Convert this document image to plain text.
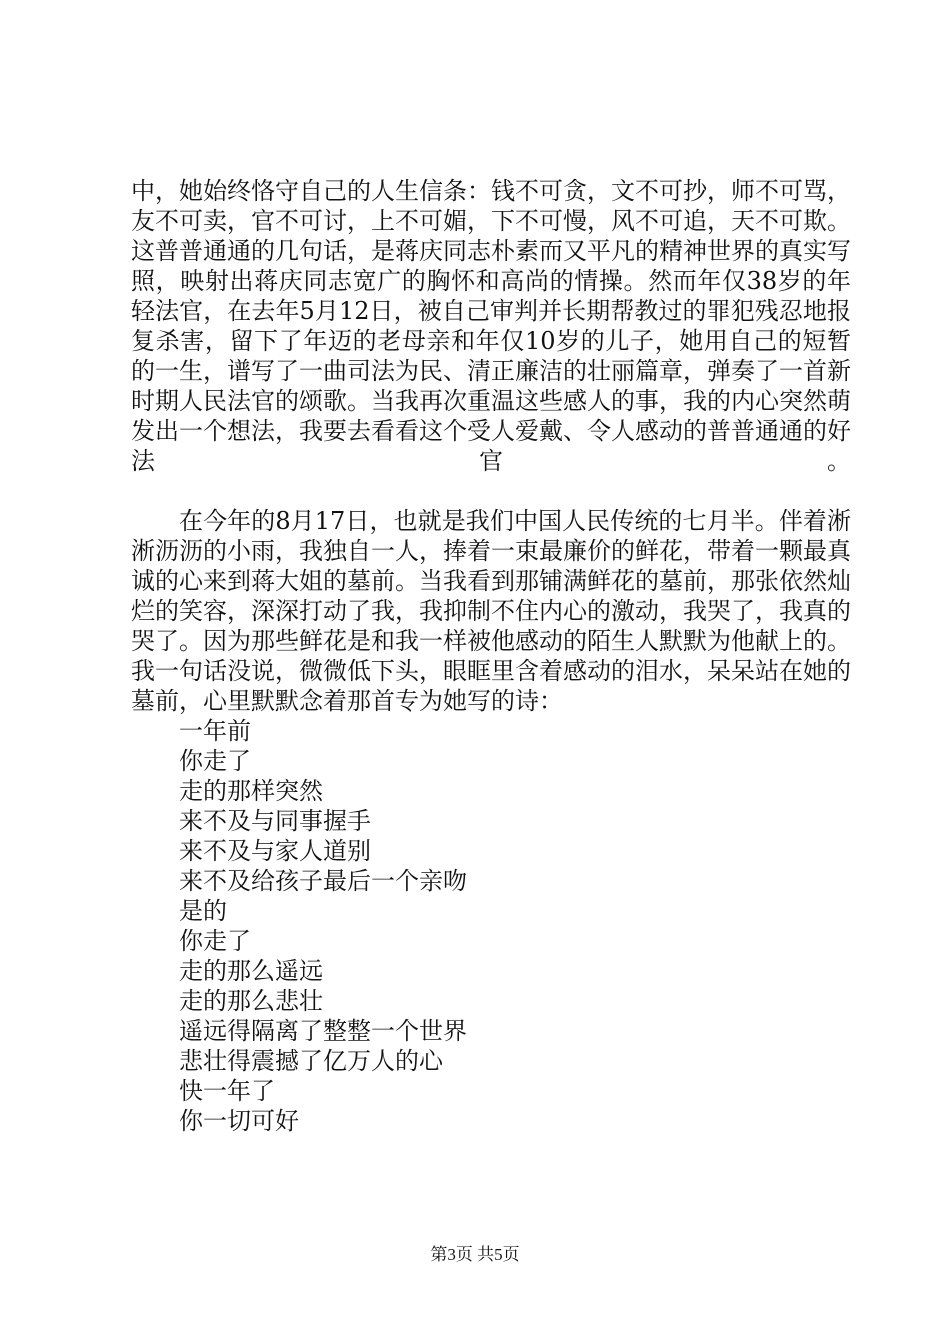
中，她始终恪守自己的人生信条：钱不可贪，文不可抄，师不可骂，友不可卖，官不可讨，上不可媚，下不可慢，风不可追，天不可欺。这普普通通的几句话，是蒋庆同志朴素而又平凡的精神世界的真实写照，映射出蒋庆同志宽广的胸怀和高尚的情操。然而年仅38岁的年轻法官，在去年5月12日，被自己审判并长期帮教过的罪犯残忍地报复杀害，留下了年迈的老母亲和年仅10岁的儿子，她用自己的短暂的一生，谱写了一曲司法为民、清正廉洁的壮丽篇章，弹奏了一首新时期人民法官的颂歌。当我再次重温这些感人的事，我的内心突然萌发出一个想法，我要去看看这个受人爱戴、令人感动的普普通通的好法官。

在今年的8月17日，也就是我们中国人民传统的七月半。伴着淅淅沥沥的小雨，我独自一人，捧着一束最廉价的鲜花，带着一颗最真诚的心来到蒋大姐的墓前。当我看到那铺满鲜花的墓前，那张依然灿烂的笑容，深深打动了我，我抑制不住内心的激动，我哭了，我真的哭了。因为那些鲜花是和我一样被他感动的陌生人默默为他献上的。我一句话没说，微微低下头，眼眶里含着感动的泪水，呆呆站在她的墓前，心里默默念着那首专为她写的诗：

一年前
你走了
走的那样突然
来不及与同事握手
来不及与家人道别
来不及给孩子最后一个亲吻
是的
你走了
走的那么遥远
走的那么悲壮
遥远得隔离了整整一个世界
悲壮得震撼了亿万人的心
快一年了
你一切可好
第3页 共5页
